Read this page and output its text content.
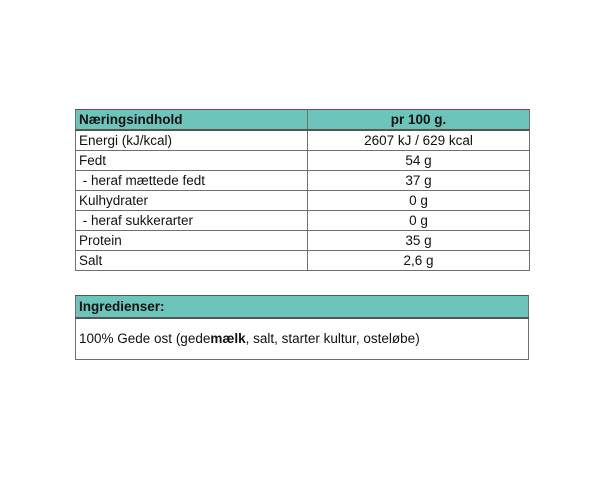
Næringsindhold	pr 100 g.
Energi (kJ/kcal)	2607 kJ / 629 kcal
Fedt	54 g
- heraf mættede fedt	37 g
Kulhydrater	0 g
- heraf sukkerarter	0 g
Protein	35 g
Salt	2,6 g
Ingredienser:
100% Gede ost (gedemælk, salt, starter kultur, osteløbe)
